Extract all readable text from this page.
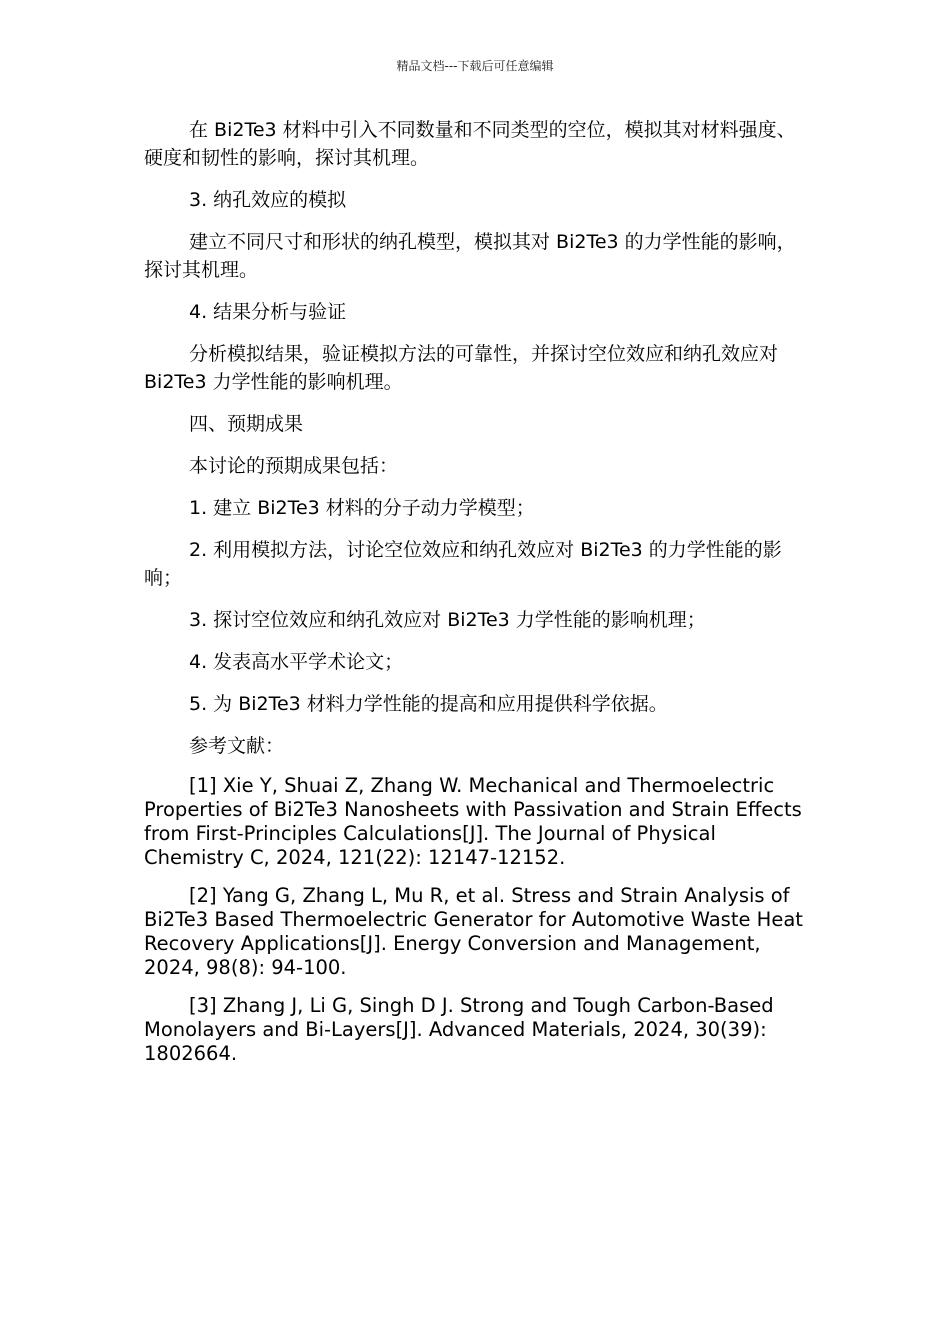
精品文档---下载后可任意编辑

在 Bi2Te3 材料中引入不同数量和不同类型的空位，模拟其对材料强度、硬度和韧性的影响，探讨其机理。

3. 纳孔效应的模拟

建立不同尺寸和形状的纳孔模型，模拟其对 Bi2Te3 的力学性能的影响，探讨其机理。

4. 结果分析与验证

分析模拟结果，验证模拟方法的可靠性，并探讨空位效应和纳孔效应对 Bi2Te3 力学性能的影响机理。

四、预期成果

本讨论的预期成果包括：

1. 建立 Bi2Te3 材料的分子动力学模型；

2. 利用模拟方法，讨论空位效应和纳孔效应对 Bi2Te3 的力学性能的影响；

3. 探讨空位效应和纳孔效应对 Bi2Te3 力学性能的影响机理；

4. 发表高水平学术论文；

5. 为 Bi2Te3 材料力学性能的提高和应用提供科学依据。

参考文献：

[1] Xie Y, Shuai Z, Zhang W. Mechanical and Thermoelectric Properties of Bi2Te3 Nanosheets with Passivation and Strain Effects from First-Principles Calculations[J]. The Journal of Physical Chemistry C, 2024, 121(22): 12147-12152.

[2] Yang G, Zhang L, Mu R, et al. Stress and Strain Analysis of Bi2Te3 Based Thermoelectric Generator for Automotive Waste Heat Recovery Applications[J]. Energy Conversion and Management, 2024, 98(8): 94-100.

[3] Zhang J, Li G, Singh D J. Strong and Tough Carbon-Based Monolayers and Bi-Layers[J]. Advanced Materials, 2024, 30(39): 1802664.
